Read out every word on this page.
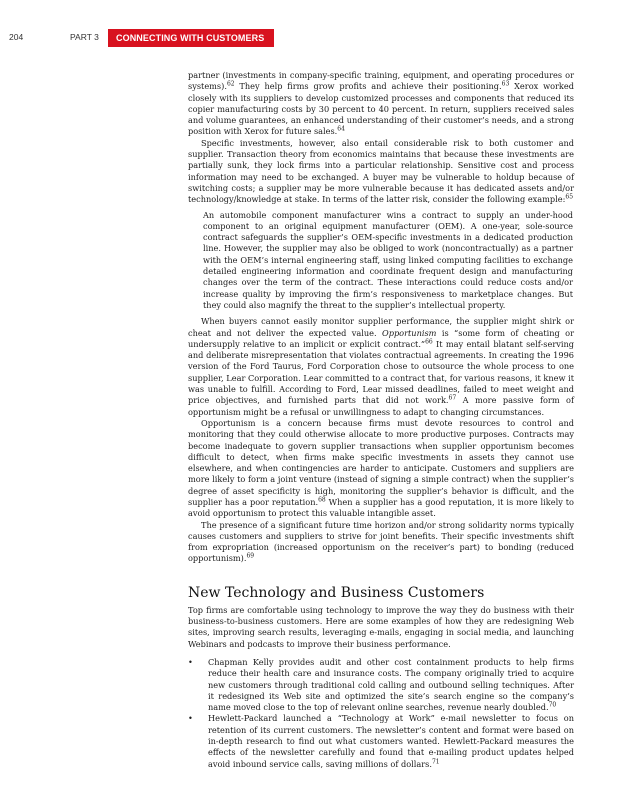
204	PART 3	CONNECTING WITH CUSTOMERS

partner (investments in company-specific training, equipment, and operating procedures or systems).$^{62}$ They help firms grow profits and achieve their positioning.$^{63}$ Xerox worked closely with its suppliers to develop customized processes and components that reduced its copier manufacturing costs by 30 percent to 40 percent. In return, suppliers received sales and volume guarantees, an enhanced understanding of their customer’s needs, and a strong position with Xerox for future sales.$^{64}$

Specific investments, however, also entail considerable risk to both customer and supplier. Transaction theory from economics maintains that because these investments are partially sunk, they lock firms into a particular relationship. Sensitive cost and process information may need to be exchanged. A buyer may be vulnerable to holdup because of switching costs; a supplier may be more vulnerable because it has dedicated assets and/or technology/knowledge at stake. In terms of the latter risk, consider the following example:$^{65}$

An automobile component manufacturer wins a contract to supply an under-hood component to an original equipment manufacturer (OEM). A one-year, sole-source contract safeguards the supplier’s OEM-specific investments in a dedicated production line. However, the supplier may also be obliged to work (noncontractually) as a partner with the OEM’s internal engineering staff, using linked computing facilities to exchange detailed engineering information and coordinate frequent design and manufacturing changes over the term of the contract. These interactions could reduce costs and/or increase quality by improving the firm’s responsiveness to marketplace changes. But they could also magnify the threat to the supplier’s intellectual property.

When buyers cannot easily monitor supplier performance, the supplier might shirk or cheat and not deliver the expected value. Opportunism is “some form of cheating or undersupply relative to an implicit or explicit contract.”$^{66}$ It may entail blatant self-serving and deliberate misrepresentation that violates contractual agreements. In creating the 1996 version of the Ford Taurus, Ford Corporation chose to outsource the whole process to one supplier, Lear Corporation. Lear committed to a contract that, for various reasons, it knew it was unable to fulfill. According to Ford, Lear missed deadlines, failed to meet weight and price objectives, and furnished parts that did not work.$^{67}$ A more passive form of opportunism might be a refusal or unwillingness to adapt to changing circumstances.

Opportunism is a concern because firms must devote resources to control and monitoring that they could otherwise allocate to more productive purposes. Contracts may become inadequate to govern supplier transactions when supplier opportunism becomes difficult to detect, when firms make specific investments in assets they cannot use elsewhere, and when contingencies are harder to anticipate. Customers and suppliers are more likely to form a joint venture (instead of signing a simple contract) when the supplier’s degree of asset specificity is high, monitoring the supplier’s behavior is difficult, and the supplier has a poor reputation.$^{68}$ When a supplier has a good reputation, it is more likely to avoid opportunism to protect this valuable intangible asset.

The presence of a significant future time horizon and/or strong solidarity norms typically causes customers and suppliers to strive for joint benefits. Their specific investments shift from expropriation (increased opportunism on the receiver’s part) to bonding (reduced opportunism).$^{69}$

New Technology and Business Customers

Top firms are comfortable using technology to improve the way they do business with their business-to-business customers. Here are some examples of how they are redesigning Web sites, improving search results, leveraging e-mails, engaging in social media, and launching Webinars and podcasts to improve their business performance.

• Chapman Kelly provides audit and other cost containment products to help firms reduce their health care and insurance costs. The company originally tried to acquire new customers through traditional cold calling and outbound selling techniques. After it redesigned its Web site and optimized the site’s search engine so the company’s name moved close to the top of relevant online searches, revenue nearly doubled.$^{70}$
• Hewlett-Packard launched a “Technology at Work” e-mail newsletter to focus on retention of its current customers. The newsletter’s content and format were based on in-depth research to find out what customers wanted. Hewlett-Packard measures the effects of the newsletter carefully and found that e-mailing product updates helped avoid inbound service calls, saving millions of dollars.$^{71}$
